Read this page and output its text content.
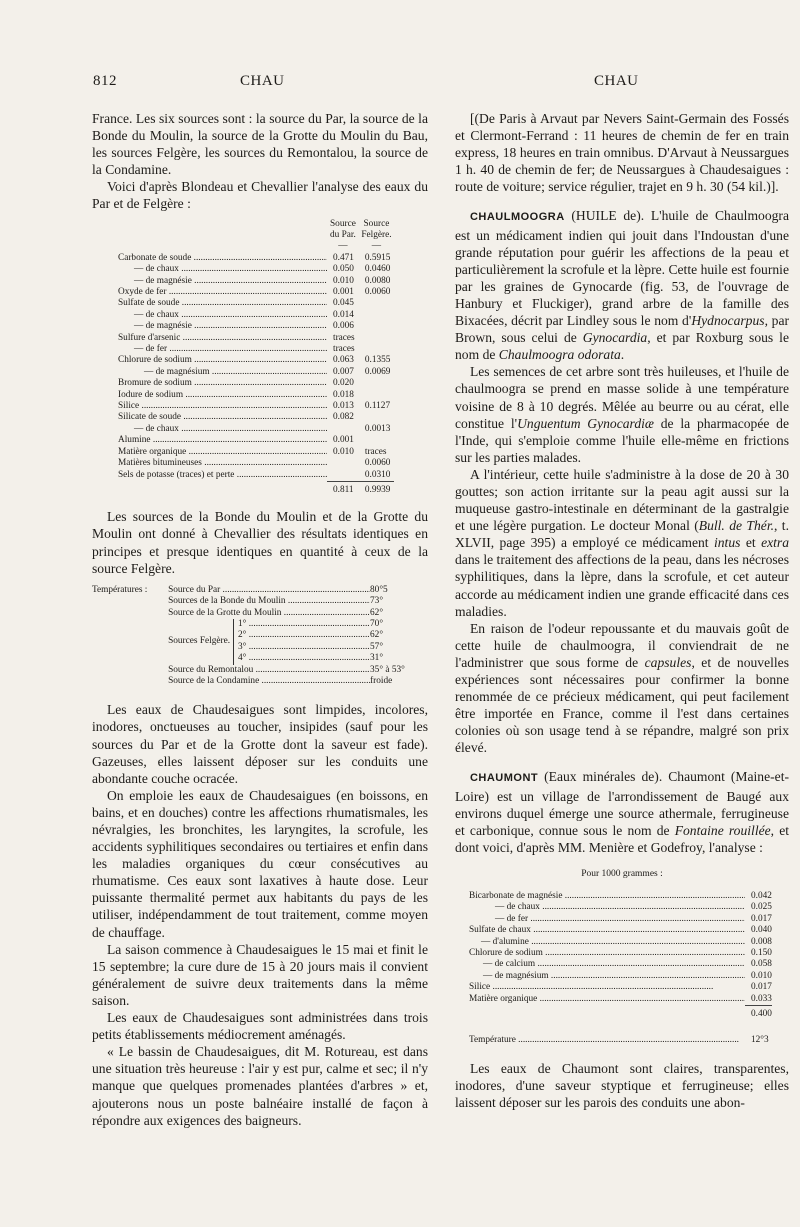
812	CHAU	CHAU

France. Les six sources sont : la source du Par, la source de la Bonde du Moulin, la source de la Grotte du Moulin du Bau, les sources Felgère, les sources du Remontalou, la source de la Condamine.

Voici d'après Blondeau et Chevallier l'analyse des eaux du Par et de Felgère :

	Source	Source
	du Par.	Felgère.
	—	—
Carbonate de soude .....	0.471	0.5915
— de chaux .....	0.050	0.0460
— de magnésie .....	0.010	0.0080
Oxyde de fer .....	0.001	0.0060
Sulfate de soude .....	0.045	
— de chaux .....	0.014	
— de magnésie .....	0.006	
Sulfure d'arsenic .....	traces	
— de fer .....	traces	
Chlorure de sodium .....	0.063	0.1355
— de magnésium .....	0.007	0.0069
Bromure de sodium .....	0.020	
Iodure de sodium .....	0.018	
Silice .....	0.013	0.1127
Silicate de soude .....	0.082	
— de chaux .....		0.0013
Alumine .....	0.001	
Matière organique .....	0.010	traces
Matières bitumineuses .....		0.0060
Sels de potasse (traces) et perte .....		0.0310
	0.811	0.9939

Les sources de la Bonde du Moulin et de la Grotte du Moulin ont donné à Chevallier des résultats identiques en principes et presque identiques en quantité à ceux de la source Felgère.

Températures :	Source du Par .....		80°5
	Sources de la Bonde du Moulin .....		73°
	Source de la Grotte du Moulin .....		62°
	Sources Felgère.	1° .....	70°
		2° .....	62°
		3° .....	57°
		4° .....	31°
	Source du Remontalou .....		35° à 53°
	Source de la Condamine .....		froide

Les eaux de Chaudesaigues sont limpides, incolores, inodores, onctueuses au toucher, insipides (sauf pour les sources du Par et de la Grotte dont la saveur est fade). Gazeuses, elles laissent déposer sur les conduits une abondante couche ocracée.

On emploie les eaux de Chaudesaigues (en boissons, en bains, et en douches) contre les affections rhumatismales, les névralgies, les bronchites, les laryngites, la scrofule, les accidents syphilitiques secondaires ou tertiaires et enfin dans les maladies organiques du cœur consécutives au rhumatisme. Ces eaux sont laxatives à haute dose. Leur puissante thermalité permet aux habitants du pays de les utiliser, indépendamment de tout traitement, comme moyen de chauffage.

La saison commence à Chaudesaigues le 15 mai et finit le 15 septembre; la cure dure de 15 à 20 jours mais il convient généralement de suivre deux traitements dans la même saison.

Les eaux de Chaudesaigues sont administrées dans trois petits établissements médiocrement aménagés.

« Le bassin de Chaudesaigues, dit M. Rotureau, est dans une situation très heureuse : l'air y est pur, calme et sec; il n'y manque que quelques promenades plantées d'arbres » et, ajouterons nous un poste balnéaire installé de façon à répondre aux exigences des baigneurs.

[(De Paris à Arvaut par Nevers Saint-Germain des Fossés et Clermont-Ferrand : 11 heures de chemin de fer en train express, 18 heures en train omnibus. D'Arvaut à Neussargues 1 h. 40 de chemin de fer; de Neussargues à Chaudesaigues : route de voiture; service régulier, trajet en 9 h. 30 (54 kil.)].

CHAULMOOGRA (HUILE de). L'huile de Chaulmoogra est un médicament indien qui jouit dans l'Indoustan d'une grande réputation pour guérir les affections de la peau et particulièrement la scrofule et la lèpre. Cette huile est fournie par les graines de Gynocarde (fig. 53, de l'ouvrage de Hanbury et Fluckiger), grand arbre de la famille des Bixacées, décrit par Lindley sous le nom d'Hydnocarpus, par Brown, sous celui de Gynocardia, et par Roxburg sous le nom de Chaulmoogra odorata.

Les semences de cet arbre sont très huileuses, et l'huile de chaulmoogra se prend en masse solide à une température voisine de 8 à 10 degrés. Mêlée au beurre ou au cérat, elle constitue l'Unguentum Gynocardiæ de la pharmacopée de l'Inde, qui s'emploie comme l'huile elle-même en frictions sur les parties malades.

A l'intérieur, cette huile s'administre à la dose de 20 à 30 gouttes; son action irritante sur la peau agit aussi sur la muqueuse gastro-intestinale en déterminant de la gastralgie et une légère purgation. Le docteur Monal (Bull. de Thér., t. XLVII, page 395) a employé ce médicament intus et extra dans le traitement des affections de la peau, dans les nécroses syphilitiques, dans la lèpre, dans la scrofule, et cet auteur accorde au médicament indien une grande efficacité dans ces maladies.

En raison de l'odeur repoussante et du mauvais goût de cette huile de chaulmoogra, il conviendrait de ne l'administrer que sous forme de capsules, et de nouvelles expériences sont nécessaires pour confirmer la bonne renommée de ce précieux médicament, qui peut facilement être importée en France, comme il l'est dans certaines colonies où son usage tend à se répandre, malgré son prix élevé.

CHAUMONT (Eaux minérales de). Chaumont (Maine-et-Loire) est un village de l'arrondissement de Baugé aux environs duquel émerge une source athermale, ferrugineuse et carbonique, connue sous le nom de Fontaine rouillée, et dont voici, d'après MM. Menière et Godefroy, l'analyse :

Pour 1000 grammes :
Bicarbonate de magnésie .....	0.042
— de chaux .....	0.025
— de fer .....	0.017
Sulfate de chaux .....	0.040
— d'alumine .....	0.008
Chlorure de sodium .....	0.150
— de calcium .....	0.058
— de magnésium .....	0.010
Silice .....	0.017
Matière organique .....	0.033
	0.400

Température .....	12°3

Les eaux de Chaumont sont claires, transparentes, inodores, d'une saveur styptique et ferrugineuse; elles laissent déposer sur les parois des conduits une abon-
